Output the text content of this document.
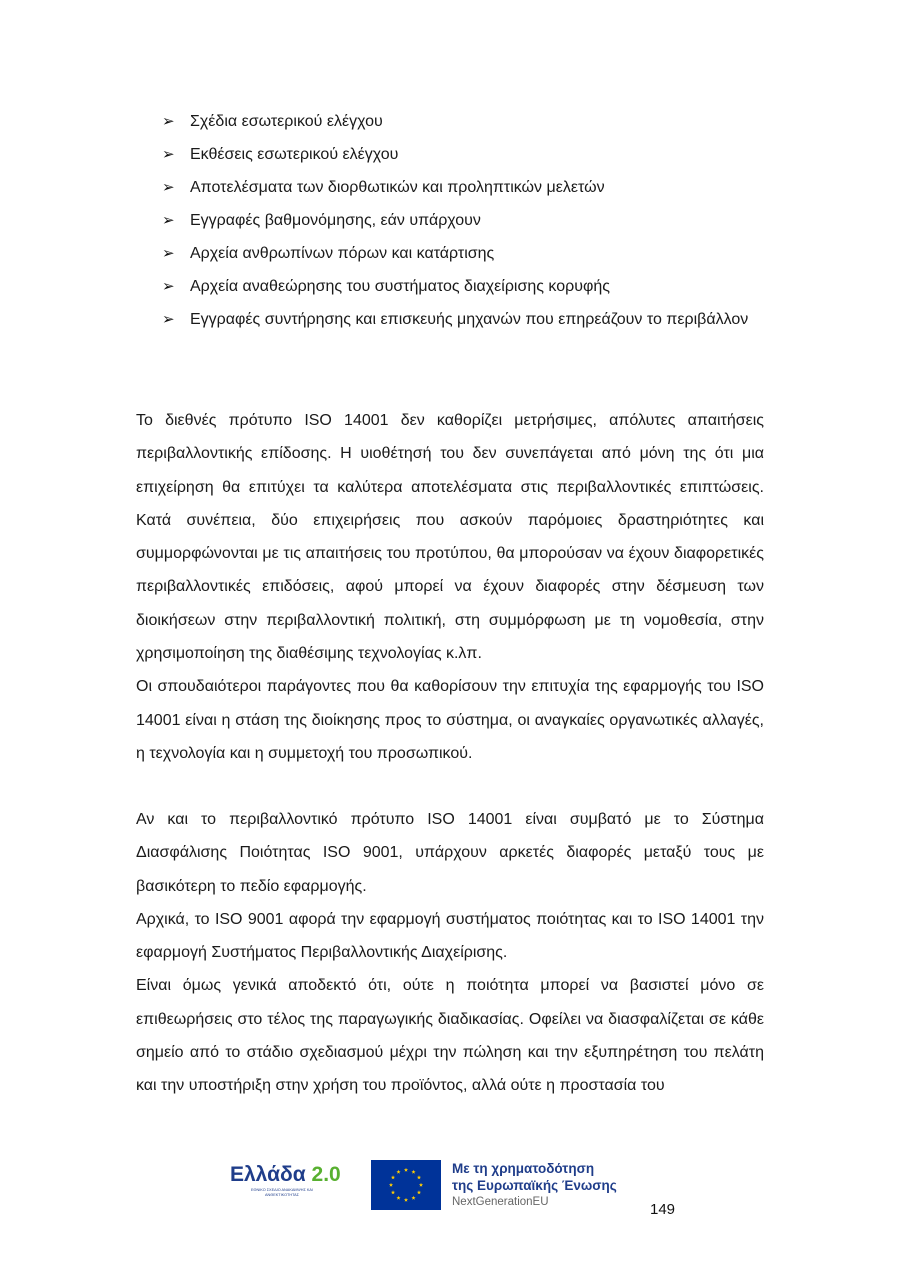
➢ Σχέδια εσωτερικού ελέγχου
➢ Εκθέσεις εσωτερικού ελέγχου
➢ Αποτελέσματα των διορθωτικών και προληπτικών μελετών
➢ Εγγραφές βαθμονόμησης, εάν υπάρχουν
➢ Αρχεία ανθρωπίνων πόρων και κατάρτισης
➢ Αρχεία αναθεώρησης του συστήματος διαχείρισης κορυφής
➢ Εγγραφές συντήρησης και επισκευής μηχανών που επηρεάζουν το περιβάλλον

Το διεθνές πρότυπο ISO 14001 δεν καθορίζει μετρήσιμες, απόλυτες απαιτήσεις περιβαλλοντικής επίδοσης. Η υιοθέτησή του δεν συνεπάγεται από μόνη της ότι μια επιχείρηση θα επιτύχει τα καλύτερα αποτελέσματα στις περιβαλλοντικές επιπτώσεις. Κατά συνέπεια, δύο επιχειρήσεις που ασκούν παρόμοιες δραστηριότητες και συμμορφώνονται με τις απαιτήσεις του προτύπου, θα μπορούσαν να έχουν διαφορετικές περιβαλλοντικές επιδόσεις, αφού μπορεί να έχουν διαφορές στην δέσμευση των διοικήσεων στην περιβαλλοντική πολιτική, στη συμμόρφωση με τη νομοθεσία, στην χρησιμοποίηση της διαθέσιμης τεχνολογίας κ.λπ.

Οι σπουδαιότεροι παράγοντες που θα καθορίσουν την επιτυχία της εφαρμογής του ISO 14001 είναι η στάση της διοίκησης προς το σύστημα, οι αναγκαίες οργανωτικές αλλαγές, η τεχνολογία και η συμμετοχή του προσωπικού.

Αν και το περιβαλλοντικό πρότυπο ISO 14001 είναι συμβατό με το Σύστημα Διασφάλισης Ποιότητας ISO 9001, υπάρχουν αρκετές διαφορές μεταξύ τους με βασικότερη το πεδίο εφαρμογής.

Αρχικά, το ISO 9001 αφορά την εφαρμογή συστήματος ποιότητας και το ISO 14001 την εφαρμογή Συστήματος Περιβαλλοντικής Διαχείρισης.

Είναι όμως γενικά αποδεκτό ότι, ούτε η ποιότητα μπορεί να βασιστεί μόνο σε επιθεωρήσεις στο τέλος της παραγωγικής διαδικασίας. Οφείλει να διασφαλίζεται σε κάθε σημείο από το στάδιο σχεδιασμού μέχρι την πώληση και την εξυπηρέτηση του πελάτη και την υποστήριξη στην χρήση του προϊόντος, αλλά ούτε η προστασία του

Ελλάδα 2.0
ΕΘΝΙΚΟ ΣΧΕΔΙΟ ΑΝΑΚΑΜΨΗΣ ΚΑΙ ΑΝΘΕΚΤΙΚΟΤΗΤΑΣ
Με τη χρηματοδότηση
της Ευρωπαϊκής Ένωσης
NextGenerationEU	149
